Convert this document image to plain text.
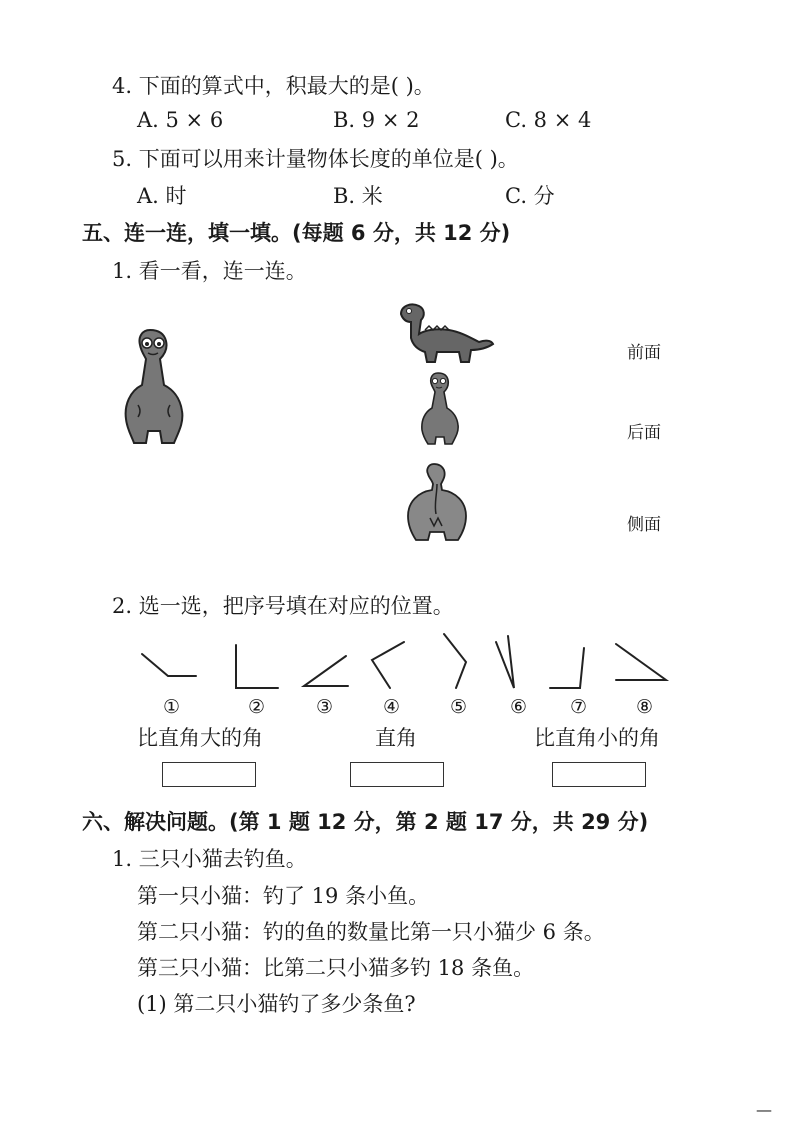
4. 下面的算式中，积最大的是( )。
A. 5 × 6	B. 9 × 2	C. 8 × 4
5. 下面可以用来计量物体长度的单位是( )。
A. 时	B. 米	C. 分
五、连一连，填一填。(每题 6 分，共 12 分)
1. 看一看，连一连。
前面
后面
侧面
2. 选一选，把序号填在对应的位置。
①	②	③	④	⑤ ⑥ ⑦	⑧
比直角大的角	直角	比直角小的角
六、解决问题。(第 1 题 12 分，第 2 题 17 分，共 29 分)
1. 三只小猫去钓鱼。
第一只小猫：钓了 19 条小鱼。
第二只小猫：钓的鱼的数量比第一只小猫少 6 条。
第三只小猫：比第二只小猫多钓 18 条鱼。
(1) 第二只小猫钓了多少条鱼?
—
